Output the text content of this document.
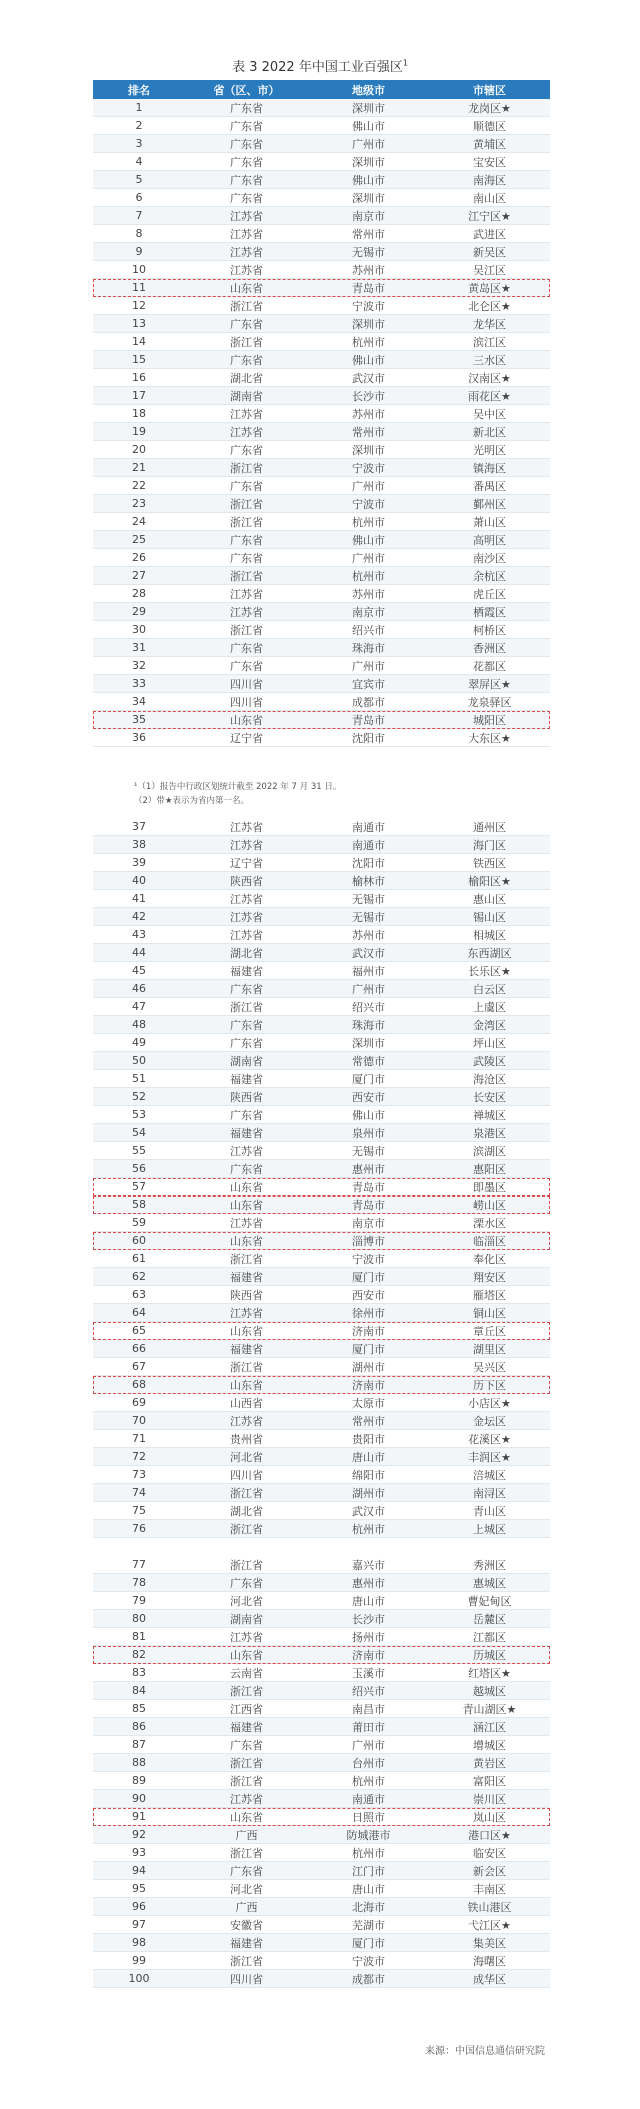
表 3 2022 年中国工业百强区$^1$
排名	省（区、市）	地级市	市辖区
1	广东省	深圳市	龙岗区★
2	广东省	佛山市	顺德区
3	广东省	广州市	黄埔区
4	广东省	深圳市	宝安区
5	广东省	佛山市	南海区
6	广东省	深圳市	南山区
7	江苏省	南京市	江宁区★
8	江苏省	常州市	武进区
9	江苏省	无锡市	新吴区
10	江苏省	苏州市	吴江区
11	山东省	青岛市	黄岛区★
12	浙江省	宁波市	北仑区★
13	广东省	深圳市	龙华区
14	浙江省	杭州市	滨江区
15	广东省	佛山市	三水区
16	湖北省	武汉市	汉南区★
17	湖南省	长沙市	雨花区★
18	江苏省	苏州市	吴中区
19	江苏省	常州市	新北区
20	广东省	深圳市	光明区
21	浙江省	宁波市	镇海区
22	广东省	广州市	番禺区
23	浙江省	宁波市	鄞州区
24	浙江省	杭州市	萧山区
25	广东省	佛山市	高明区
26	广东省	广州市	南沙区
27	浙江省	杭州市	余杭区
28	江苏省	苏州市	虎丘区
29	江苏省	南京市	栖霞区
30	浙江省	绍兴市	柯桥区
31	广东省	珠海市	香洲区
32	广东省	广州市	花都区
33	四川省	宜宾市	翠屏区★
34	四川省	成都市	龙泉驿区
35	山东省	青岛市	城阳区
36	辽宁省	沈阳市	大东区★
¹（1）报告中行政区划统计截至 2022 年 7 月 31 日。
（2）带★表示为省内第一名。
37	江苏省	南通市	通州区
38	江苏省	南通市	海门区
39	辽宁省	沈阳市	铁西区
40	陕西省	榆林市	榆阳区★
41	江苏省	无锡市	惠山区
42	江苏省	无锡市	锡山区
43	江苏省	苏州市	相城区
44	湖北省	武汉市	东西湖区
45	福建省	福州市	长乐区★
46	广东省	广州市	白云区
47	浙江省	绍兴市	上虞区
48	广东省	珠海市	金湾区
49	广东省	深圳市	坪山区
50	湖南省	常德市	武陵区
51	福建省	厦门市	海沧区
52	陕西省	西安市	长安区
53	广东省	佛山市	禅城区
54	福建省	泉州市	泉港区
55	江苏省	无锡市	滨湖区
56	广东省	惠州市	惠阳区
57	山东省	青岛市	即墨区
58	山东省	青岛市	崂山区
59	江苏省	南京市	溧水区
60	山东省	淄博市	临淄区
61	浙江省	宁波市	奉化区
62	福建省	厦门市	翔安区
63	陕西省	西安市	雁塔区
64	江苏省	徐州市	铜山区
65	山东省	济南市	章丘区
66	福建省	厦门市	湖里区
67	浙江省	湖州市	吴兴区
68	山东省	济南市	历下区
69	山西省	太原市	小店区★
70	江苏省	常州市	金坛区
71	贵州省	贵阳市	花溪区★
72	河北省	唐山市	丰润区★
73	四川省	绵阳市	涪城区
74	浙江省	湖州市	南浔区
75	湖北省	武汉市	青山区
76	浙江省	杭州市	上城区
77	浙江省	嘉兴市	秀洲区
78	广东省	惠州市	惠城区
79	河北省	唐山市	曹妃甸区
80	湖南省	长沙市	岳麓区
81	江苏省	扬州市	江都区
82	山东省	济南市	历城区
83	云南省	玉溪市	红塔区★
84	浙江省	绍兴市	越城区
85	江西省	南昌市	青山湖区★
86	福建省	莆田市	涵江区
87	广东省	广州市	增城区
88	浙江省	台州市	黄岩区
89	浙江省	杭州市	富阳区
90	江苏省	南通市	崇川区
91	山东省	日照市	岚山区
92	广西	防城港市	港口区★
93	浙江省	杭州市	临安区
94	广东省	江门市	新会区
95	河北省	唐山市	丰南区
96	广西	北海市	铁山港区
97	安徽省	芜湖市	弋江区★
98	福建省	厦门市	集美区
99	浙江省	宁波市	海曙区
100	四川省	成都市	成华区
来源：中国信息通信研究院
